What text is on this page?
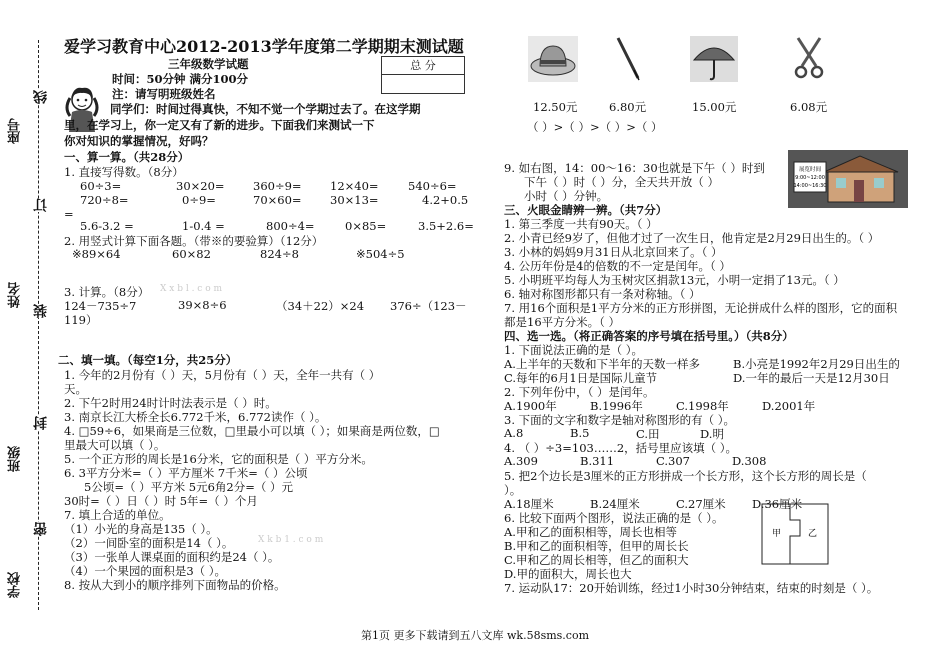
座号
姓名
班级
学校
线
订
装
封
密
爱学习教育中心2012-2013学年度第二学期期末测试题
三年级数学试题
时间：50分钟 满分100分
注：请写明班级姓名
总 分
同学们：时间过得真快，不知不觉一个学期过去了。在这学期
里，在学习上，你一定又有了新的进步。下面我们来测试一下
你对知识的掌握情况，好吗？
一、算一算。（共28分）
1. 直接写得数。（8分）
60÷3=	30×20= 360÷9= 12×40=	540÷6=
720÷8=	0÷9=	70×60= 30×13=	4.2+0.5
=
5.6-3.2 =	1-0.4 =	800÷4=	0×85=	3.5+2.6=
2. 用竖式计算下面各题。（带※的要验算）（12分）
※89×64	60×82	824÷8	※504÷5
3. 计算。（8分） X x b l . c o m
124－735÷7	39×8÷6	（34＋22）×24 376÷（123－
119）
二、填一填。（每空1分，共25分）
1. 今年的2月份有（ ）天，5月份有（ ）天，全年一共有（ ）
天。
2. 下午2时用24时计时法表示是（ ）时。
3. 南京长江大桥全长6.772千米，6.772读作（ ）。
4. □59÷6，如果商是三位数，□里最小可以填（ ）；如果商是两位数，□
里最大可以填（ ）。
5. 一个正方形的周长是16分米，它的面积是（ ）平方分米。
6. 3平方分米=（ ）平方厘米 7千米=（ ）公顷
5公顷=（ ）平方米 5元6角2分=（ ）元
30时=（ ）日（ ）时 5年=（ ）个月
7. 填上合适的单位。
（1）小光的身高是135（ ）。
（2）一间卧室的面积是14（ ）。	X k b 1 . c o m
（3）一张单人课桌面的面积约是24（ ）。
（4）一个果园的面积是3（ ）。
8. 按从大到小的顺序排列下面物品的价格。
12.50元	6.80元	15.00元	6.08元
（ ）>（ ）>（ ）>（ ）
9. 如右图，14：00～16：30也就是下午（ ）时到
下午（ ）时（ ）分，全天共开放（ ）
小时（ ）分钟。
展览时间
9:00~12:00
14:00~16:30
三、火眼金睛辨一辨。（共7分）
1. 第三季度一共有90天。（ ）
2. 小青已经9岁了，但他才过了一次生日，他肯定是2月29日出生的。（ ）
3. 小林的妈妈9月31日从北京回来了。（ ）
4. 公历年份是4的倍数的不一定是闰年。（ ）
5. 小明班平均每人为玉树灾区捐款13元，小明一定捐了13元。（ ）
6. 轴对称图形都只有一条对称轴。（ ）
7. 用16个面积是1平方分米的正方形拼图，无论拼成什么样的图形，它的面积
都是16平方分米。（ ）
四、选一选。（将正确答案的序号填在括号里。）（共8分）
1. 下面说法正确的是（ ）。
A.上半年的天数和下半年的天数一样多	B.小亮是1992年2月29日出生的
C.每年的6月1日是国际儿童节	D.一年的最后一天是12月30日
2. 下列年份中，（ ）是闰年。
A.1900年	B.1996年	C.1998年	D.2001年
3. 下面的文字和数字是轴对称图形的有（ ）。
A.8	B.5	C.田	D.明
4. （ ）÷3=103……2，括号里应该填（ ）。
A.309	B.311	C.307	D.308
5. 把2个边长是3厘米的正方形拼成一个长方形，这个长方形的周长是（
）。
A.18厘米	B.24厘米	C.27厘米 D.36厘米
6. 比较下面两个图形，说法正确的是（ ）。
A.甲和乙的面积相等，周长也相等
B.甲和乙的面积相等，但甲的周长长
C.甲和乙的周长相等，但乙的面积大
D.甲的面积大，周长也大
甲	乙
7. 运动队17：20开始训练，经过1小时30分钟结束，结束的时刻是（ ）。
第1页 更多下载请到五八文库 wk.58sms.com
